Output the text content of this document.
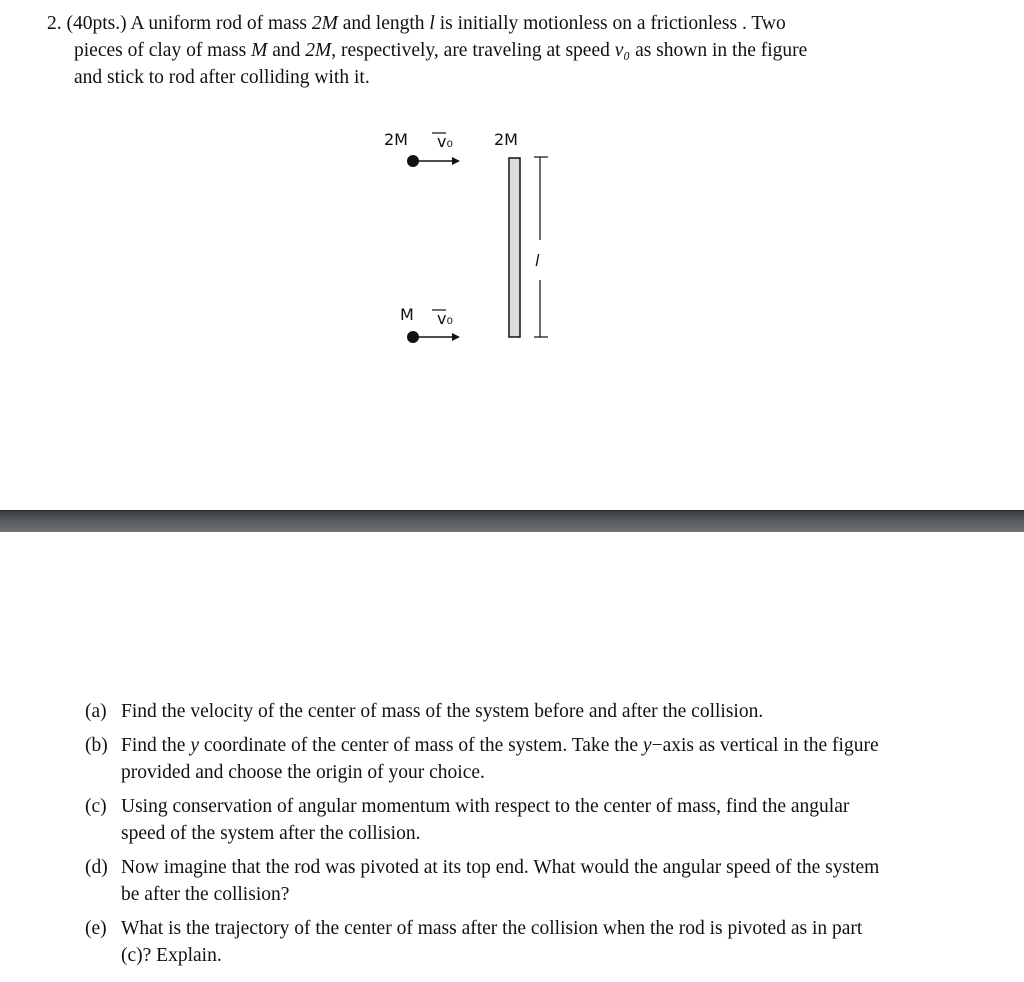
2. (40pts.) A uniform rod of mass 2M and length l is initially motionless on a frictionless . Two
pieces of clay of mass M and 2M, respectively, are traveling at speed v₀ as shown in the figure
and stick to rod after colliding with it.
2M v₀	2M
l
M v₀
(a) Find the velocity of the center of mass of the system before and after the collision.
(b) Find the y coordinate of the center of mass of the system. Take the y−axis as vertical in the figure provided and choose the origin of your choice.
(c) Using conservation of angular momentum with respect to the center of mass, find the angular speed of the system after the collision.
(d) Now imagine that the rod was pivoted at its top end. What would the angular speed of the system be after the collision?
(e) What is the trajectory of the center of mass after the collision when the rod is pivoted as in part (c)? Explain.
